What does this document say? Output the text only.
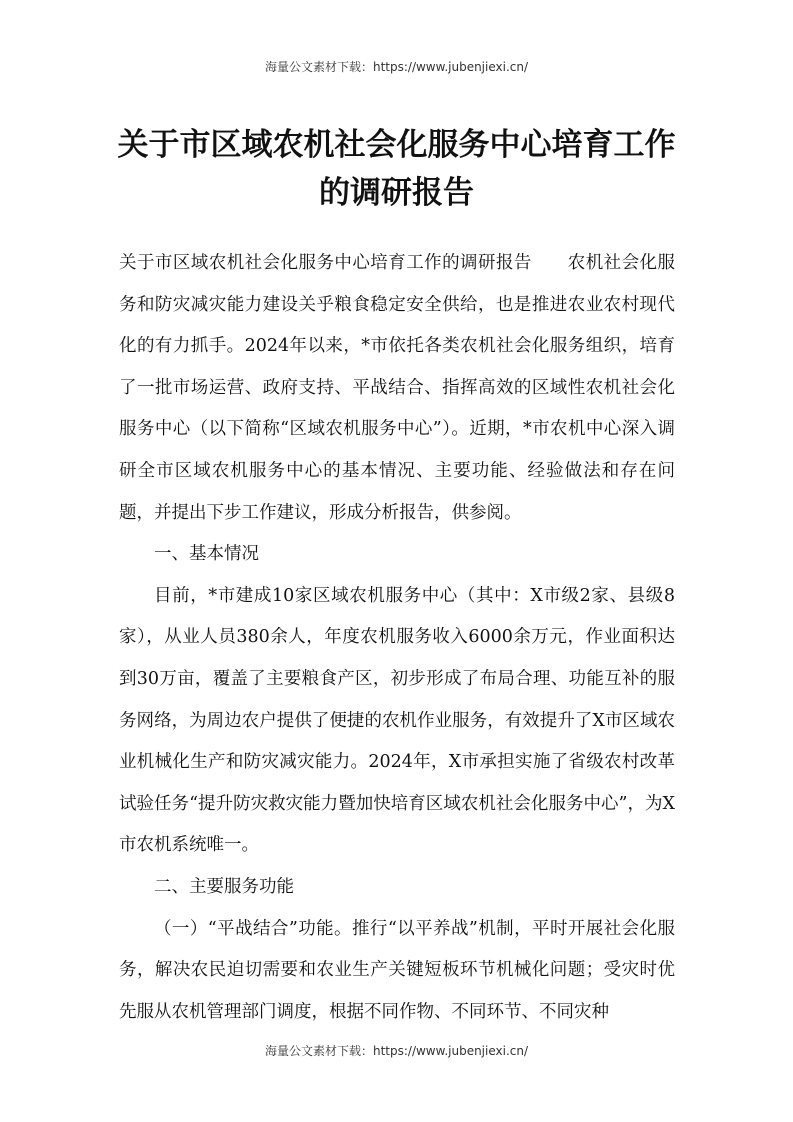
海量公文素材下载：https://www.jubenjiexi.cn/
关于市区域农机社会化服务中心培育工作
的调研报告

关于市区域农机社会化服务中心培育工作的调研报告　　农机社会化服务和防灾减灾能力建设关乎粮食稳定安全供给，也是推进农业农村现代化的有力抓手。2024年以来，*市依托各类农机社会化服务组织，培育了一批市场运营、政府支持、平战结合、指挥高效的区域性农机社会化服务中心（以下简称“区域农机服务中心”）。近期，*市农机中心深入调研全市区域农机服务中心的基本情况、主要功能、经验做法和存在问题，并提出下步工作建议，形成分析报告，供参阅。

一、基本情况

目前，*市建成10家区域农机服务中心（其中：X市级2家、县级8家），从业人员380余人，年度农机服务收入6000余万元，作业面积达到30万亩，覆盖了主要粮食产区，初步形成了布局合理、功能互补的服务网络，为周边农户提供了便捷的农机作业服务，有效提升了X市区域农业机械化生产和防灾减灾能力。2024年，X市承担实施了省级农村改革试验任务“提升防灾救灾能力暨加快培育区域农机社会化服务中心”，为X市农机系统唯一。

二、主要服务功能

（一）“平战结合”功能。推行“以平养战”机制，平时开展社会化服务，解决农民迫切需要和农业生产关键短板环节机械化问题；受灾时优先服从农机管理部门调度，根据不同作物、不同环节、不同灾种

海量公文素材下载：https://www.jubenjiexi.cn/
